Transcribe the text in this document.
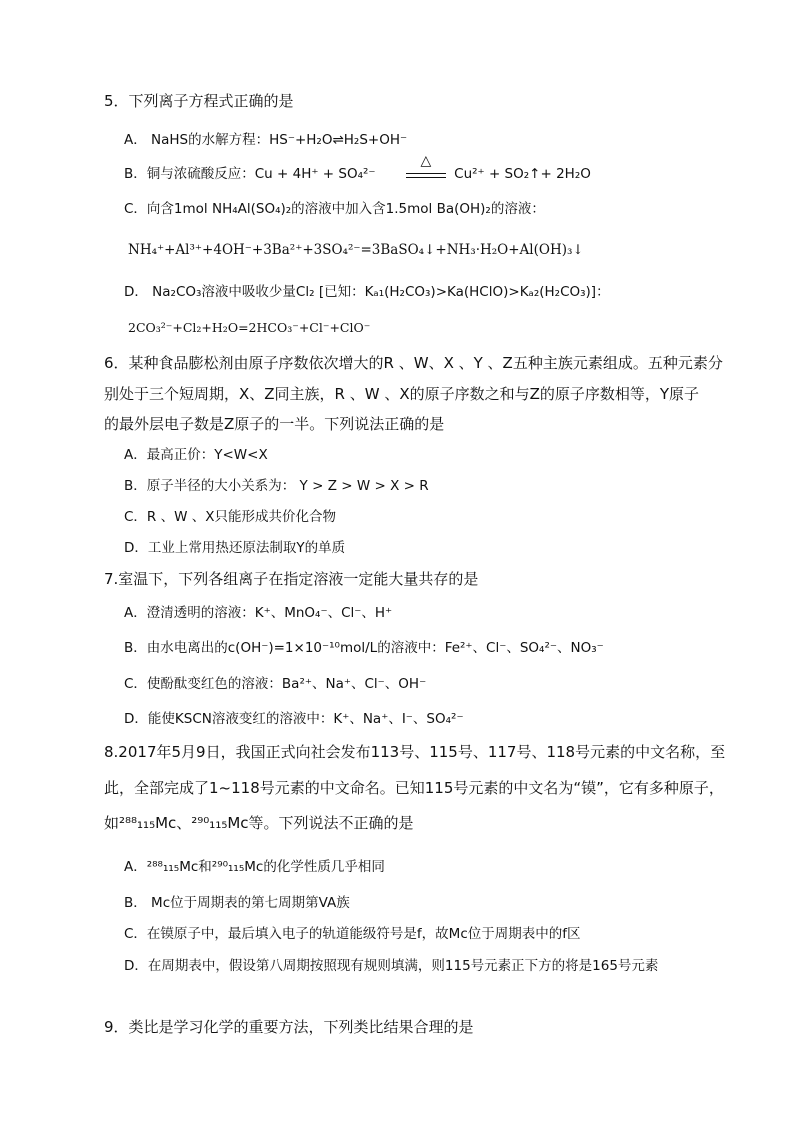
5．下列离子方程式正确的是
A． NaHS的水解方程：HS⁻+H₂O⇌H₂S+OH⁻
B．铜与浓硫酸反应：Cu + 4H⁺ + SO₄²⁻
△
Cu²⁺ + SO₂↑+ 2H₂O
C．向含1mol NH₄Al(SO₄)₂的溶液中加入含1.5mol Ba(OH)₂的溶液：
NH₄⁺+Al³⁺+4OH⁻+3Ba²⁺+3SO₄²⁻=3BaSO₄↓+NH₃·H₂O+Al(OH)₃↓
D． Na₂CO₃溶液中吸收少量Cl₂ [已知：Kₐ₁(H₂CO₃)>Ka(HClO)>Kₐ₂(H₂CO₃)]：
2CO₃²⁻+Cl₂+H₂O=2HCO₃⁻+Cl⁻+ClO⁻
6．某种食品膨松剂由原子序数依次增大的R 、W、X 、Y 、Z五种主族元素组成。五种元素分
别处于三个短周期，X、Z同主族，R 、W 、X的原子序数之和与Z的原子序数相等，Y原子
的最外层电子数是Z原子的一半。下列说法正确的是
A．最高正价：Y<W<X
B．原子半径的大小关系为： Y > Z > W > X > R
C．R 、W 、X只能形成共价化合物
D．工业上常用热还原法制取Y的单质
7.室温下，下列各组离子在指定溶液一定能大量共存的是
A．澄清透明的溶液：K⁺、MnO₄⁻、Cl⁻、H⁺
B．由水电离出的c(OH⁻)=1×10⁻¹⁰mol/L的溶液中：Fe²⁺、Cl⁻、SO₄²⁻、NO₃⁻
C．使酚酞变红色的溶液：Ba²⁺、Na⁺、Cl⁻、OH⁻
D．能使KSCN溶液变红的溶液中：K⁺、Na⁺、I⁻、SO₄²⁻
8.2017年5月9日，我国正式向社会发布113号、115号、117号、118号元素的中文名称，至
此，全部完成了1~118号元素的中文命名。已知115号元素的中文名为“镆”，它有多种原子，
如²⁸⁸₁₁₅Mc、²⁹⁰₁₁₅Mc等。下列说法不正确的是
A．²⁸⁸₁₁₅Mc和²⁹⁰₁₁₅Mc的化学性质几乎相同
B． Mc位于周期表的第七周期第VA族
C．在镆原子中，最后填入电子的轨道能级符号是f，故Mc位于周期表中的f区
D．在周期表中，假设第八周期按照现有规则填满，则115号元素正下方的将是165号元素
9．类比是学习化学的重要方法，下列类比结果合理的是
